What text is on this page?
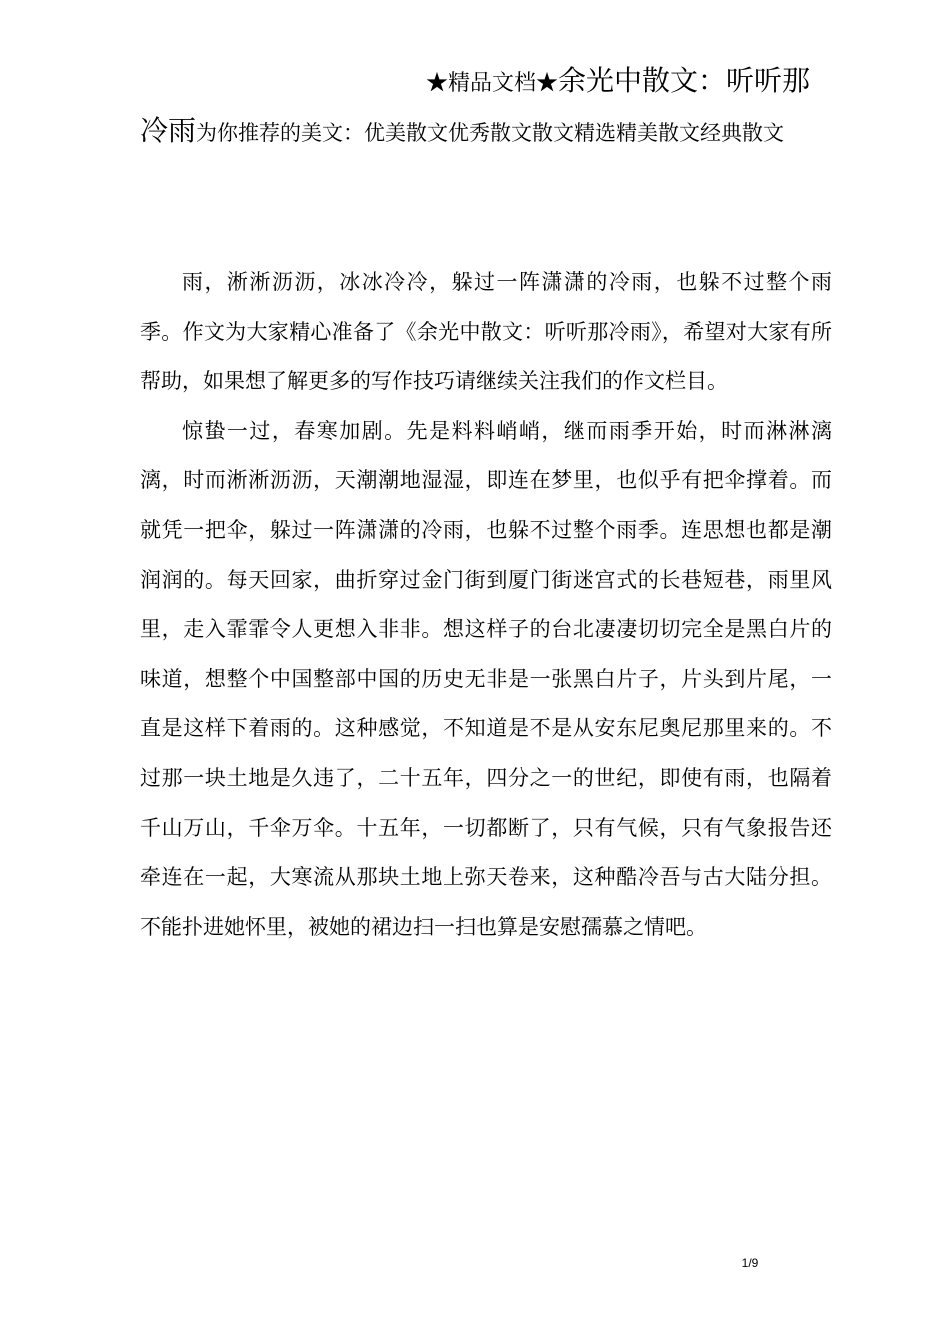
★精品文档★余光中散文：听听那
冷雨为你推荐的美文：优美散文优秀散文散文精选精美散文经典散文

雨，淅淅沥沥，冰冰冷冷，躲过一阵潇潇的冷雨，也躲不过整个雨季。作文为大家精心准备了《余光中散文：听听那冷雨》，希望对大家有所帮助，如果想了解更多的写作技巧请继续关注我们的作文栏目。

惊蛰一过，春寒加剧。先是料料峭峭，继而雨季开始，时而淋淋漓漓，时而淅淅沥沥，天潮潮地湿湿，即连在梦里，也似乎有把伞撑着。而就凭一把伞，躲过一阵潇潇的冷雨，也躲不过整个雨季。连思想也都是潮润润的。每天回家，曲折穿过金门街到厦门街迷宫式的长巷短巷，雨里风里，走入霏霏令人更想入非非。想这样子的台北凄凄切切完全是黑白片的味道，想整个中国整部中国的历史无非是一张黑白片子，片头到片尾，一直是这样下着雨的。这种感觉，不知道是不是从安东尼奥尼那里来的。不过那一块土地是久违了，二十五年，四分之一的世纪，即使有雨，也隔着千山万山，千伞万伞。十五年，一切都断了，只有气候，只有气象报告还牵连在一起，大寒流从那块土地上弥天卷来，这种酷冷吾与古大陆分担。不能扑进她怀里，被她的裙边扫一扫也算是安慰孺慕之情吧。

1/9
